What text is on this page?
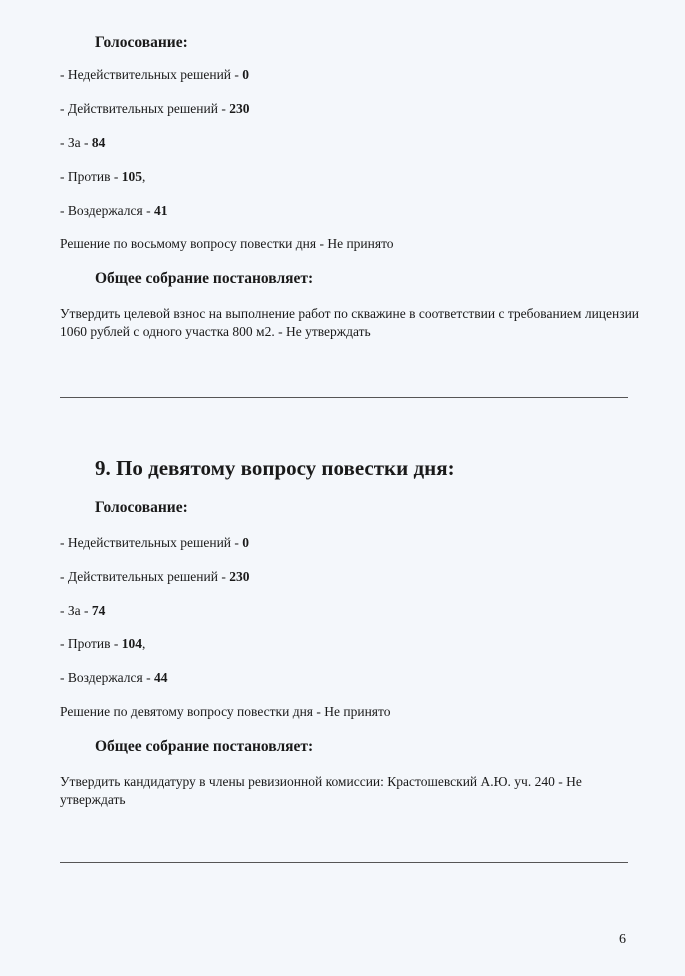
Голосование:
- Недействительных решений - 0
- Действительных решений - 230
- За - 84
- Против - 105,
- Воздержался - 41
Решение по восьмому вопросу повестки дня - Не принято
Общее собрание постановляет:
Утвердить целевой взнос на выполнение работ по скважине в соответствии с требованием лицензии 1060 рублей с одного участка 800 м2. - Не утверждать
9. По девятому вопросу повестки дня:
Голосование:
- Недействительных решений - 0
- Действительных решений - 230
- За - 74
- Против - 104,
- Воздержался - 44
Решение по девятому вопросу повестки дня - Не принято
Общее собрание постановляет:
Утвердить кандидатуру в члены ревизионной комиссии: Крастошевский А.Ю. уч. 240 - Не утверждать
6
